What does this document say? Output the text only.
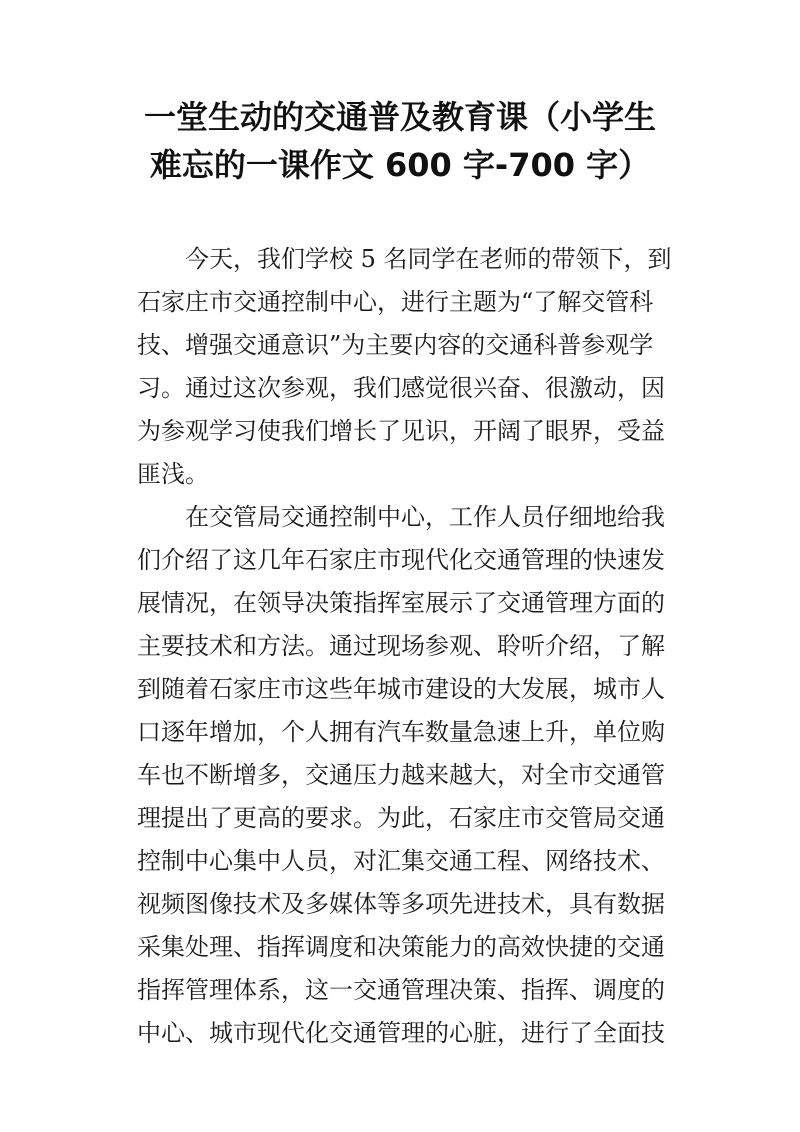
一堂生动的交通普及教育课（小学生
难忘的一课作文 600 字-700 字）

　　今天，我们学校 5 名同学在老师的带领下，到
石家庄市交通控制中心，进行主题为“了解交管科
技、增强交通意识”为主要内容的交通科普参观学
习。通过这次参观，我们感觉很兴奋、很激动，因
为参观学习使我们增长了见识，开阔了眼界，受益
匪浅。

　　在交管局交通控制中心，工作人员仔细地给我
们介绍了这几年石家庄市现代化交通管理的快速发
展情况，在领导决策指挥室展示了交通管理方面的
主要技术和方法。通过现场参观、聆听介绍，了解
到随着石家庄市这些年城市建设的大发展，城市人
口逐年增加，个人拥有汽车数量急速上升，单位购
车也不断增多，交通压力越来越大，对全市交通管
理提出了更高的要求。为此，石家庄市交管局交通
控制中心集中人员，对汇集交通工程、网络技术、
视频图像技术及多媒体等多项先进技术，具有数据
采集处理、指挥调度和决策能力的高效快捷的交通
指挥管理体系，这一交通管理决策、指挥、调度的
中心、城市现代化交通管理的心脏，进行了全面技
